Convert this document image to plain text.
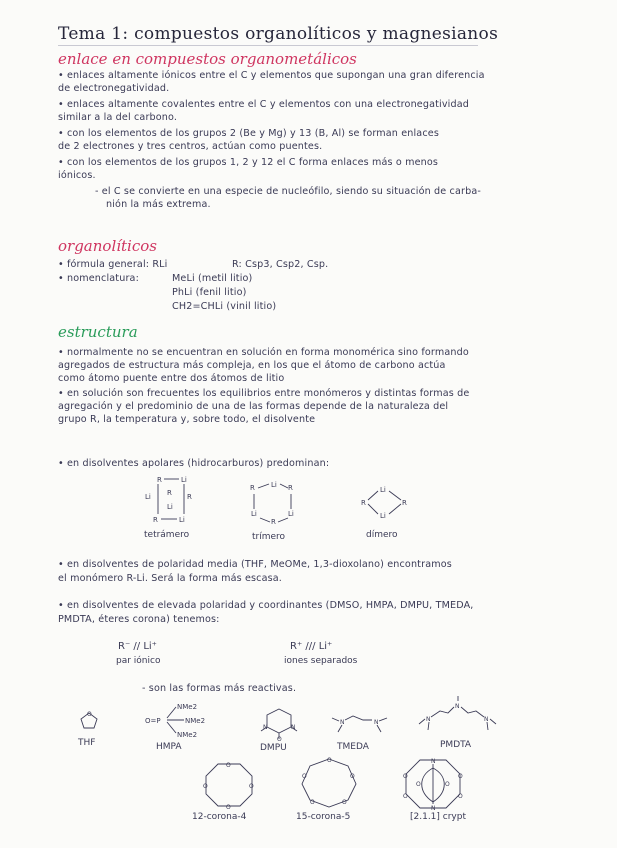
Tema 1: compuestos organolíticos y magnesianos
enlace en compuestos organometálicos
• enlaces altamente iónicos entre el C y elementos que supongan una gran diferencia
de electronegatividad.
• enlaces altamente covalentes entre el C y elementos con una electronegatividad
similar a la del carbono.
• con los elementos de los grupos 2 (Be y Mg) y 13 (B, Al) se forman enlaces
de 2 electrones y tres centros, actúan como puentes.
• con los elementos de los grupos 1, 2 y 12 el C forma enlaces más o menos
iónicos.
- el C se convierte en una especie de nucleófilo, siendo su situación de carba-
nión la más extrema.
organolíticos
• fórmula general: RLi	R: Csp3, Csp2, Csp.
• nomenclatura:	MeLi (metil litio)
PhLi (fenil litio)
CH2=CHLi (vinil litio)
estructura
• normalmente no se encuentran en solución en forma monomérica sino formando
agregados de estructura más compleja, en los que el átomo de carbono actúa
como átomo puente entre dos átomos de litio
• en solución son frecuentes los equilibrios entre monómeros y distintas formas de
agregación y el predominio de una de las formas depende de la naturaleza del
grupo R, la temperatura y, sobre todo, el disolvente
• en disolventes apolares (hidrocarburos) predominan:
R	Li
Li R R
Li
R	Li
tetrámero
R Li R
Li	Li
R
trímero
Li
R	R
Li
dímero
• en disolventes de polaridad media (THF, MeOMe, 1,3-dioxolano) encontramos
el monómero R-Li. Será la forma más escasa.
• en disolventes de elevada polaridad y coordinantes (DMSO, HMPA, DMPU, TMEDA,
PMDTA, éteres corona) tenemos:
R⁻ // Li⁺
par iónico
R⁺ /// Li⁺
iones separados
- son las formas más reactivas.
O
THF
O=P
NMe2
NMe2
NMe2
HMPA
N	N
O
DMPU
N	N
TMEDA
N
N
N
PMDTA
O
O
O
O
12-corona-4
O
O
O
O
O
15-corona-5
N
N
O	O
O	O
O	O
[2.1.1] crypt
